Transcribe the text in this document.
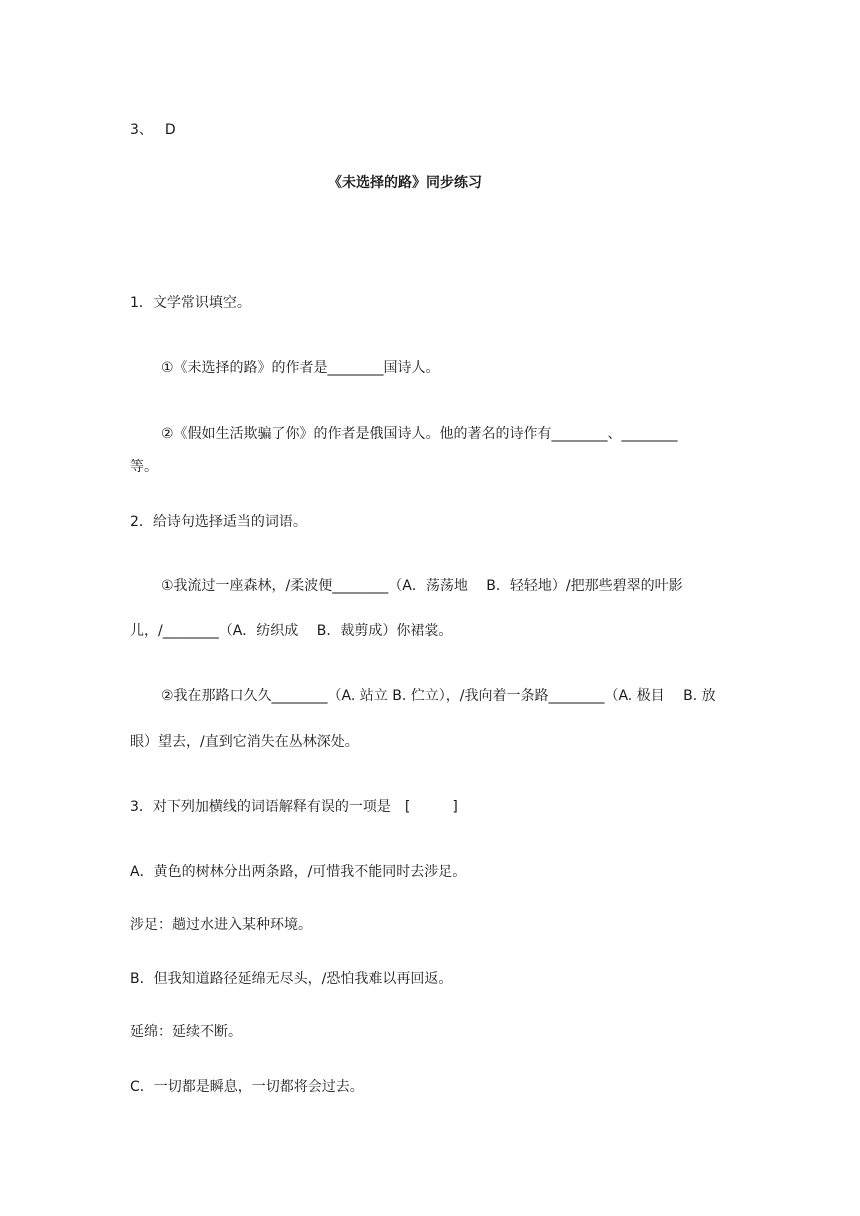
3、 D
《未选择的路》同步练习
1．文学常识填空。
①《未选择的路》的作者是________国诗人。
②《假如生活欺骗了你》的作者是俄国诗人。他的著名的诗作有________、________
等。
2．给诗句选择适当的词语。
①我流过一座森林，/柔波便________（A．荡荡地　 B．轻轻地）/把那些碧翠的叶影
儿，/________（A．纺织成　 B．裁剪成）你裙裳。
②我在那路口久久________（A. 站立 B. 伫立），/我向着一条路________（A. 极目　 B. 放
眼）望去，/直到它消失在丛林深处。
3．对下列加横线的词语解释有误的一项是　[　　　]
A．黄色的树林分出两条路，/可惜我不能同时去涉足。
涉足：趟过水进入某种环境。
B．但我知道路径延绵无尽头，/恐怕我难以再回返。
延绵：延续不断。
C．一切都是瞬息，一切都将会过去。
